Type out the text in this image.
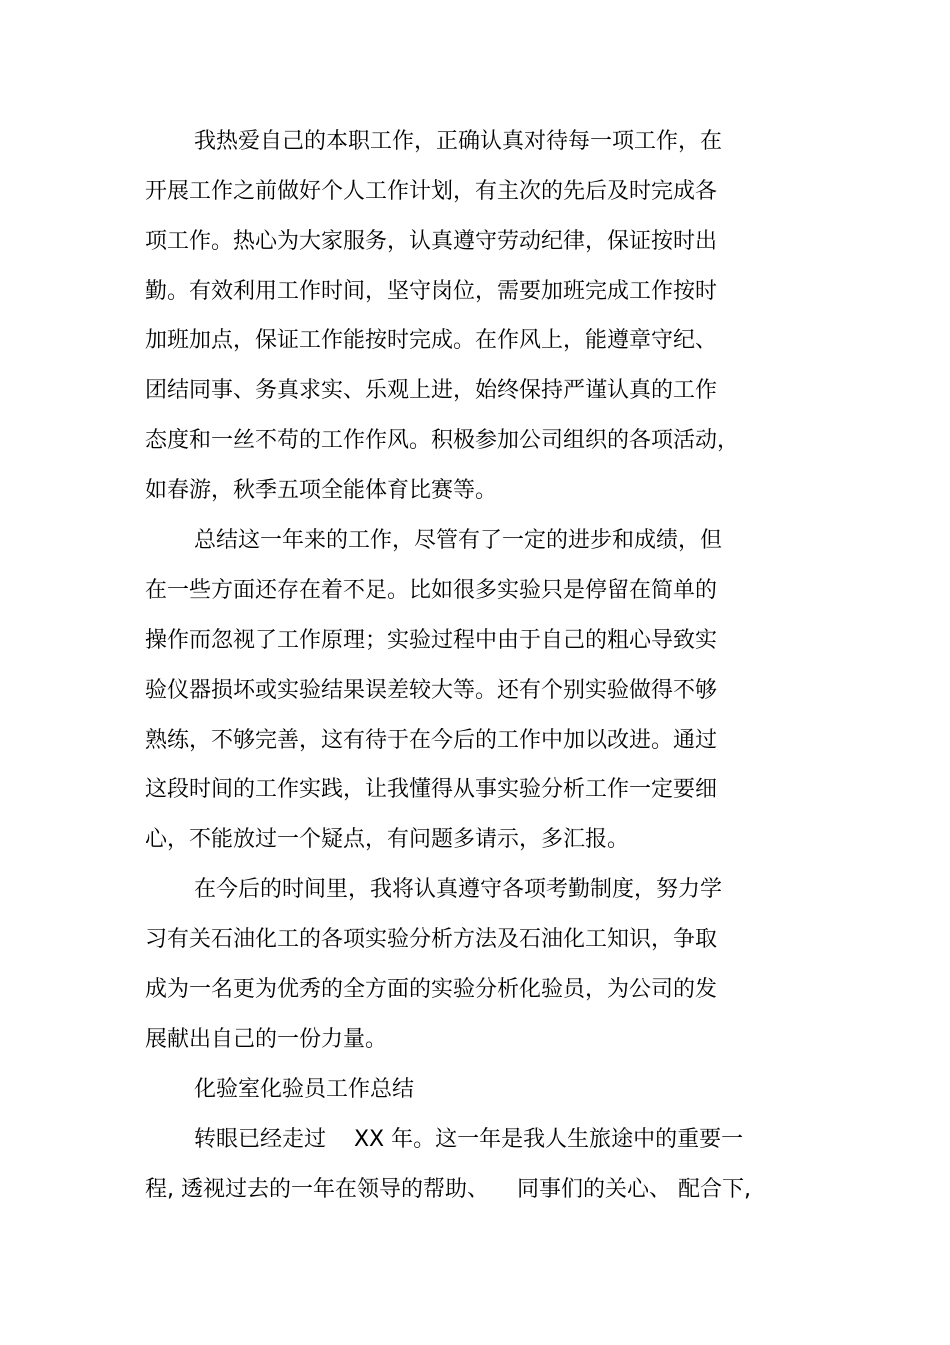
我热爱自己的本职工作，正确认真对待每一项工作，在

开展工作之前做好个人工作计划，有主次的先后及时完成各

项工作。热心为大家服务，认真遵守劳动纪律，保证按时出

勤。有效利用工作时间，坚守岗位，需要加班完成工作按时

加班加点，保证工作能按时完成。在作风上，能遵章守纪、

团结同事、务真求实、乐观上进，始终保持严谨认真的工作

态度和一丝不苟的工作作风。积极参加公司组织的各项活动，

如春游，秋季五项全能体育比赛等。

总结这一年来的工作，尽管有了一定的进步和成绩，但

在一些方面还存在着不足。比如很多实验只是停留在简单的

操作而忽视了工作原理；实验过程中由于自己的粗心导致实

验仪器损坏或实验结果误差较大等。还有个别实验做得不够

熟练，不够完善，这有待于在今后的工作中加以改进。通过

这段时间的工作实践，让我懂得从事实验分析工作一定要细

心，不能放过一个疑点，有问题多请示，多汇报。

在今后的时间里，我将认真遵守各项考勤制度，努力学

习有关石油化工的各项实验分析方法及石油化工知识，争取

成为一名更为优秀的全方面的实验分析化验员，为公司的发

展献出自己的一份力量。

化验室化验员工作总结

转眼已经走过    XX 年。这一年是我人生旅途中的重要一

程, 透视过去的一年在领导的帮助、    同事们的关心、 配合下,
